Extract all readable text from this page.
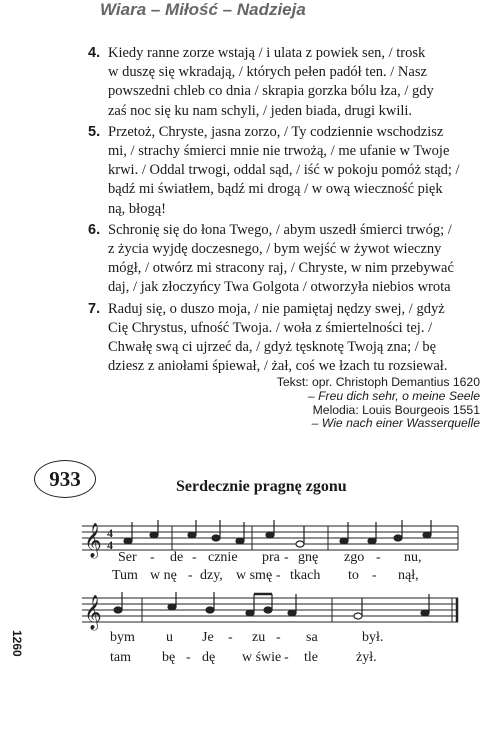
Wiara – Miłość – Nadzieja
4. Kiedy ranne zorze wstają / i ulata z powiek sen, / trosk
w duszę się wkradają, / których pełen padół ten. / Nasz
powszedni chleb co dnia / skrapia gorzka bólu łza, / gdy
zaś noc się ku nam schyli, / jeden biada, drugi kwili.
5. Przetoż, Chryste, jasna zorzo, / Ty codziennie wschodzisz
mi, / strachy śmierci mnie nie trwożą, / me ufanie w Twoje
krwi. / Oddal trwogi, oddal sąd, / iść w pokoju pomóż stąd; /
bądź mi światłem, bądź mi drogą / w ową wieczność pięk
ną, błogą!
6. Schronię się do łona Twego, / abym uszedł śmierci trwóg; /
z życia wyjdę doczesnego, / bym wejść w żywot wieczny
mógł, / otwórz mi stracony raj, / Chryste, w nim przebywać
daj, / jak złoczyńcy Twa Golgota / otworzyła niebios wrota
7. Raduj się, o duszo moja, / nie pamiętaj nędzy swej, / gdyż
Cię Chrystus, ufność Twoja. / woła z śmiertelności tej. /
Chwałę swą ci ujrzeć da, / gdyż tęsknotę Twoją zna; / bę
dziesz z aniołami śpiewał, / żał, coś we łzach tu rozsiewał.
Tekst: opr. Christoph Demantius 1620
– Freu dich sehr, o meine Seele
Melodia: Louis Bourgeois 1551
– Wie nach einer Wasserquelle
933	Serdecznie pragnę zgonu
𝄞 4
4
Ser - de - cznie pra - gnę zgo - nu,
Tum w nę - dzy, w smę - tkach to - nął,
𝄞
bym u Je - zu - sa	był.
tam bę - dę w świe - tle	żył.
1260
